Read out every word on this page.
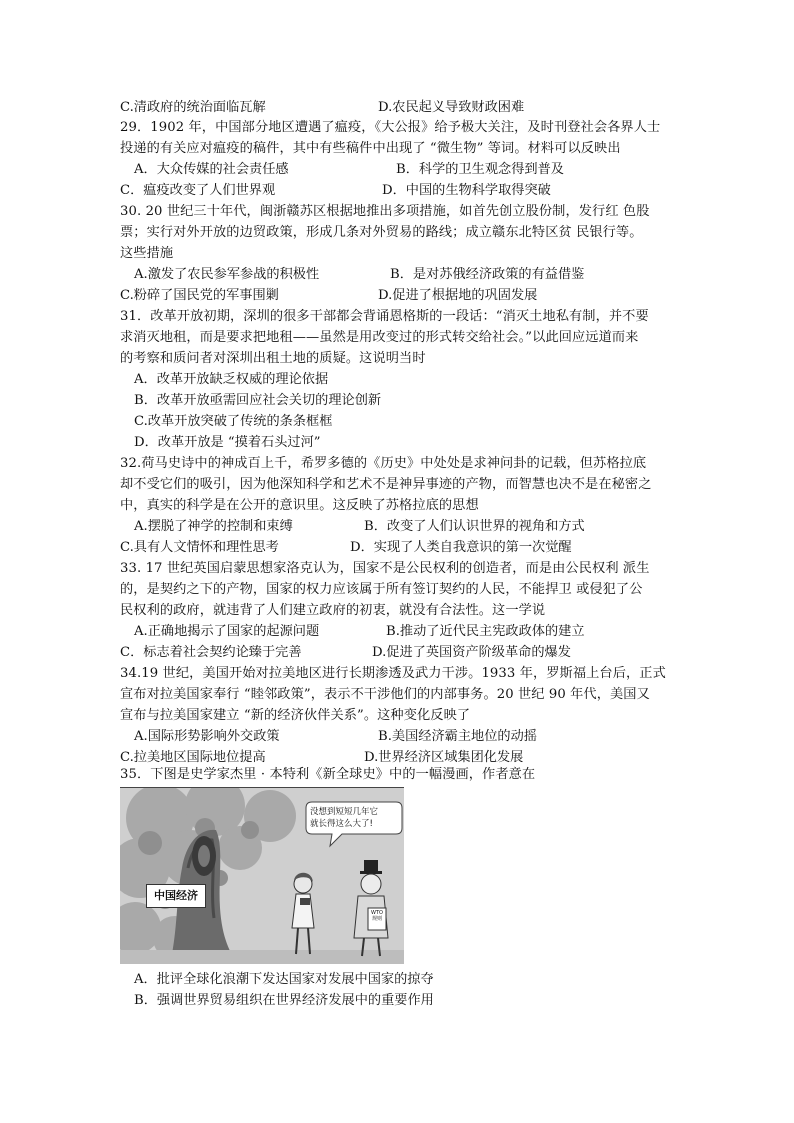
C.清政府的统治面临瓦解	D.农民起义导致财政困难
29．1902 年，中国部分地区遭遇了瘟疫，《大公报》给予极大关注，及时刊登社会各界人士
投递的有关应对瘟疫的稿件，其中有些稿件中出现了 “微生物” 等词。材料可以反映出
A．大众传媒的社会责任感	B．科学的卫生观念得到普及
C．瘟疫改变了人们世界观	D．中国的生物科学取得突破
30. 20 世纪三十年代，闽浙赣苏区根据地推出多项措施，如首先创立股份制，发行红 色股
票；实行对外开放的边贸政策，形成几条对外贸易的路线；成立赣东北特区贫 民银行等。
这些措施
A.激发了农民参军参战的积极性	B．是对苏俄经济政策的有益借鉴
C.粉碎了国民党的军事围剿	D.促进了根据地的巩固发展
31．改革开放初期，深圳的很多干部都会背诵恩格斯的一段话：“消灭土地私有制，并不要
求消灭地租，而是要求把地租——虽然是用改变过的形式转交给社会。”以此回应远道而来
的考察和质问者对深圳出租土地的质疑。这说明当时
A．改革开放缺乏权威的理论依据
B．改革开放亟需回应社会关切的理论创新
C.改革开放突破了传统的条条框框
D．改革开放是 “摸着石头过河”
32.荷马史诗中的神成百上千，希罗多德的《历史》中处处是求神问卦的记载，但苏格拉底
却不受它们的吸引，因为他深知科学和艺术不是神异事迹的产物，而智慧也决不是在秘密之
中，真实的科学是在公开的意识里。这反映了苏格拉底的思想
A.摆脱了神学的控制和束缚	B．改变了人们认识世界的视角和方式
C.具有人文情怀和理性思考	D．实现了人类自我意识的第一次觉醒
33. 17 世纪英国启蒙思想家洛克认为，国家不是公民权利的创造者，而是由公民权利 派生
的，是契约之下的产物，国家的权力应该属于所有签订契约的人民，不能捍卫 或侵犯了公
民权利的政府，就违背了人们建立政府的初衷，就没有合法性。这一学说
A.正确地揭示了国家的起源问题	B.推动了近代民主宪政政体的建立
C．标志着社会契约论臻于完善	D.促进了英国资产阶级革命的爆发
34.19 世纪，美国开始对拉美地区进行长期渗透及武力干涉。1933 年，罗斯福上台后，正式
宣布对拉美国家奉行 “睦邻政策”，表示不干涉他们的内部事务。20 世纪 90 年代，美国又
宣布与拉美国家建立 “新的经济伙伴关系”。这种变化反映了
A.国际形势影响外交政策	B.美国经济霸主地位的动摇
C.拉美地区国际地位提高	D.世界经济区域集团化发展
35．下图是史学家杰里 · 本特利《新全球史》中的一幅漫画，作者意在
中国经济
没想到短短几年它
就长得这么大了!
WTO
规则
A．批评全球化浪潮下发达国家对发展中国家的掠夺
B．强调世界贸易组织在世界经济发展中的重要作用
